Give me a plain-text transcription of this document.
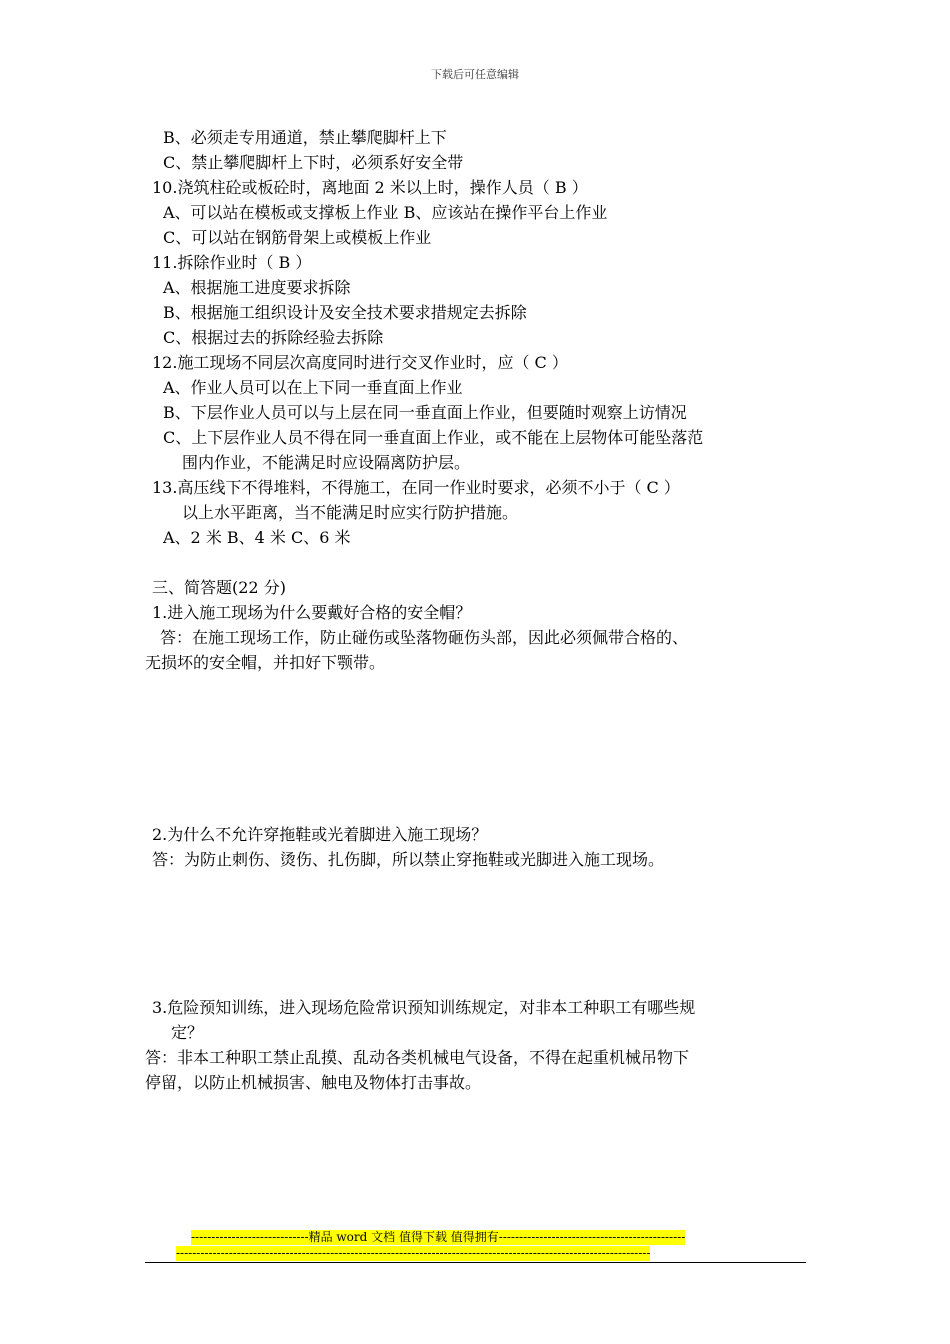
下载后可任意编辑
B、必须走专用通道，禁止攀爬脚杆上下
C、禁止攀爬脚杆上下时，必须系好安全带
10.浇筑柱砼或板砼时，离地面 2 米以上时，操作人员（ B ）
A、可以站在模板或支撑板上作业 B、应该站在操作平台上作业
C、可以站在钢筋骨架上或模板上作业
11.拆除作业时（ B ）
A、根据施工进度要求拆除
B、根据施工组织设计及安全技术要求措规定去拆除
C、根据过去的拆除经验去拆除
12.施工现场不同层次高度同时进行交叉作业时，应（ C ）
A、作业人员可以在上下同一垂直面上作业
B、下层作业人员可以与上层在同一垂直面上作业，但要随时观察上访情况
C、上下层作业人员不得在同一垂直面上作业，或不能在上层物体可能坠落范
围内作业，不能满足时应设隔离防护层。
13.高压线下不得堆料，不得施工，在同一作业时要求，必须不小于（ C ）
以上水平距离，当不能满足时应实行防护措施。
A、2 米 B、4 米 C、6 米
三、简答题(22 分)
1.进入施工现场为什么要戴好合格的安全帽？
答：在施工现场工作，防止碰伤或坠落物砸伤头部，因此必须佩带合格的、
无损坏的安全帽，并扣好下颚带。
2.为什么不允许穿拖鞋或光着脚进入施工现场？
答：为防止刺伤、烫伤、扎伤脚，所以禁止穿拖鞋或光脚进入施工现场。
3.危险预知训练，进入现场危险常识预知训练规定，对非本工种职工有哪些规
定？
答：非本工种职工禁止乱摸、乱动各类机械电气设备，不得在起重机械吊物下
停留，以防止机械损害、触电及物体打击事故。
-----------------------------精品 word 文档 值得下载 值得拥有----------------------------------------------
---------------------------------------------------------------------------------------------------------------------
